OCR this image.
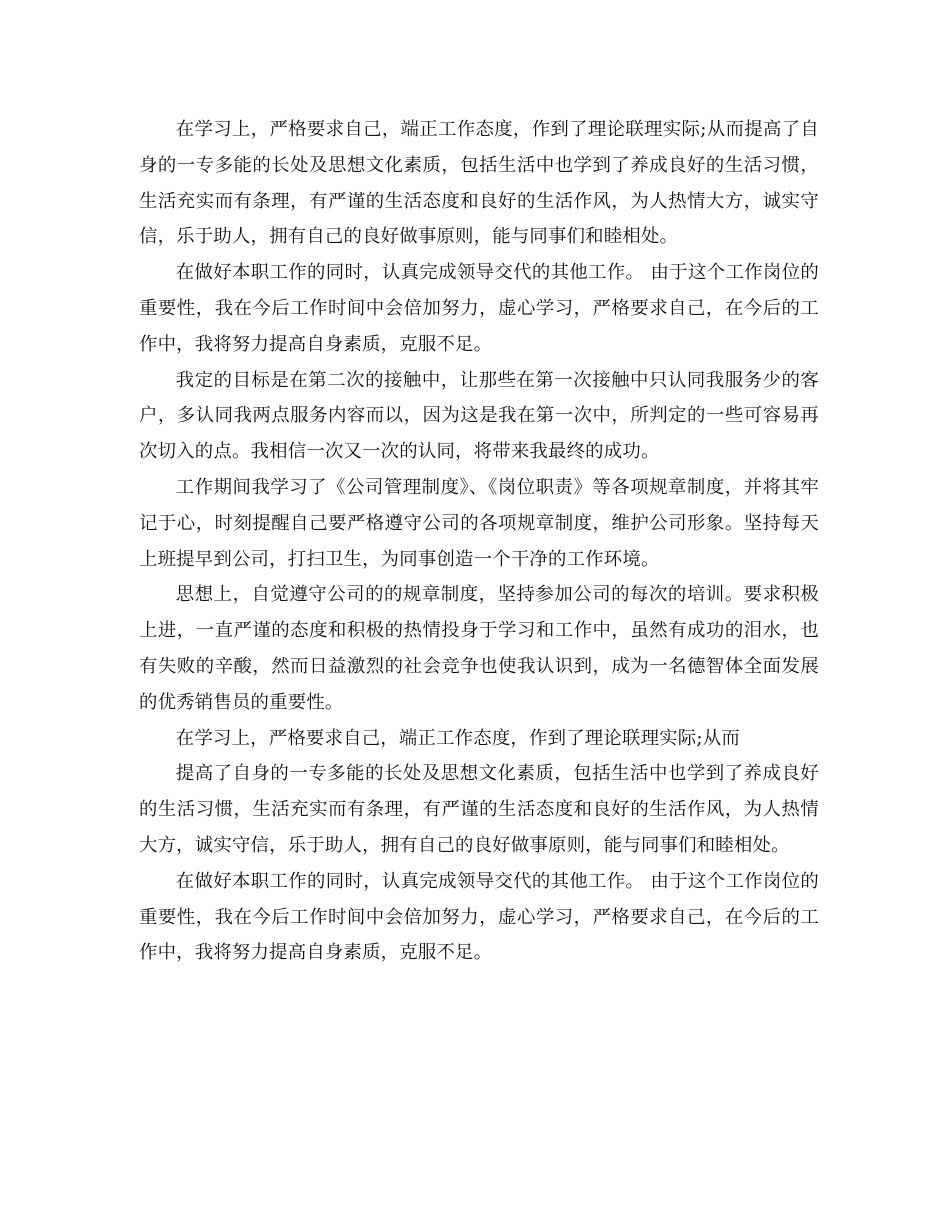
在学习上，严格要求自己，端正工作态度，作到了理论联理实际;从而提高了自身的一专多能的长处及思想文化素质，包括生活中也学到了养成良好的生活习惯，生活充实而有条理，有严谨的生活态度和良好的生活作风，为人热情大方，诚实守信，乐于助人，拥有自己的良好做事原则，能与同事们和睦相处。

在做好本职工作的同时，认真完成领导交代的其他工作。 由于这个工作岗位的重要性，我在今后工作时间中会倍加努力，虚心学习，严格要求自己，在今后的工作中，我将努力提高自身素质，克服不足。

我定的目标是在第二次的接触中，让那些在第一次接触中只认同我服务少的客户，多认同我两点服务内容而以，因为这是我在第一次中，所判定的一些可容易再次切入的点。我相信一次又一次的认同，将带来我最终的成功。

工作期间我学习了《公司管理制度》、《岗位职责》等各项规章制度，并将其牢记于心，时刻提醒自己要严格遵守公司的各项规章制度，维护公司形象。坚持每天上班提早到公司，打扫卫生，为同事创造一个干净的工作环境。

思想上，自觉遵守公司的的规章制度，坚持参加公司的每次的培训。要求积极上进，一直严谨的态度和积极的热情投身于学习和工作中，虽然有成功的泪水，也有失败的辛酸，然而日益激烈的社会竞争也使我认识到，成为一名德智体全面发展的优秀销售员的重要性。

在学习上，严格要求自己，端正工作态度，作到了理论联理实际;从而

提高了自身的一专多能的长处及思想文化素质，包括生活中也学到了养成良好的生活习惯，生活充实而有条理，有严谨的生活态度和良好的生活作风，为人热情大方，诚实守信，乐于助人，拥有自己的良好做事原则，能与同事们和睦相处。

在做好本职工作的同时，认真完成领导交代的其他工作。 由于这个工作岗位的重要性，我在今后工作时间中会倍加努力，虚心学习，严格要求自己，在今后的工作中，我将努力提高自身素质，克服不足。
